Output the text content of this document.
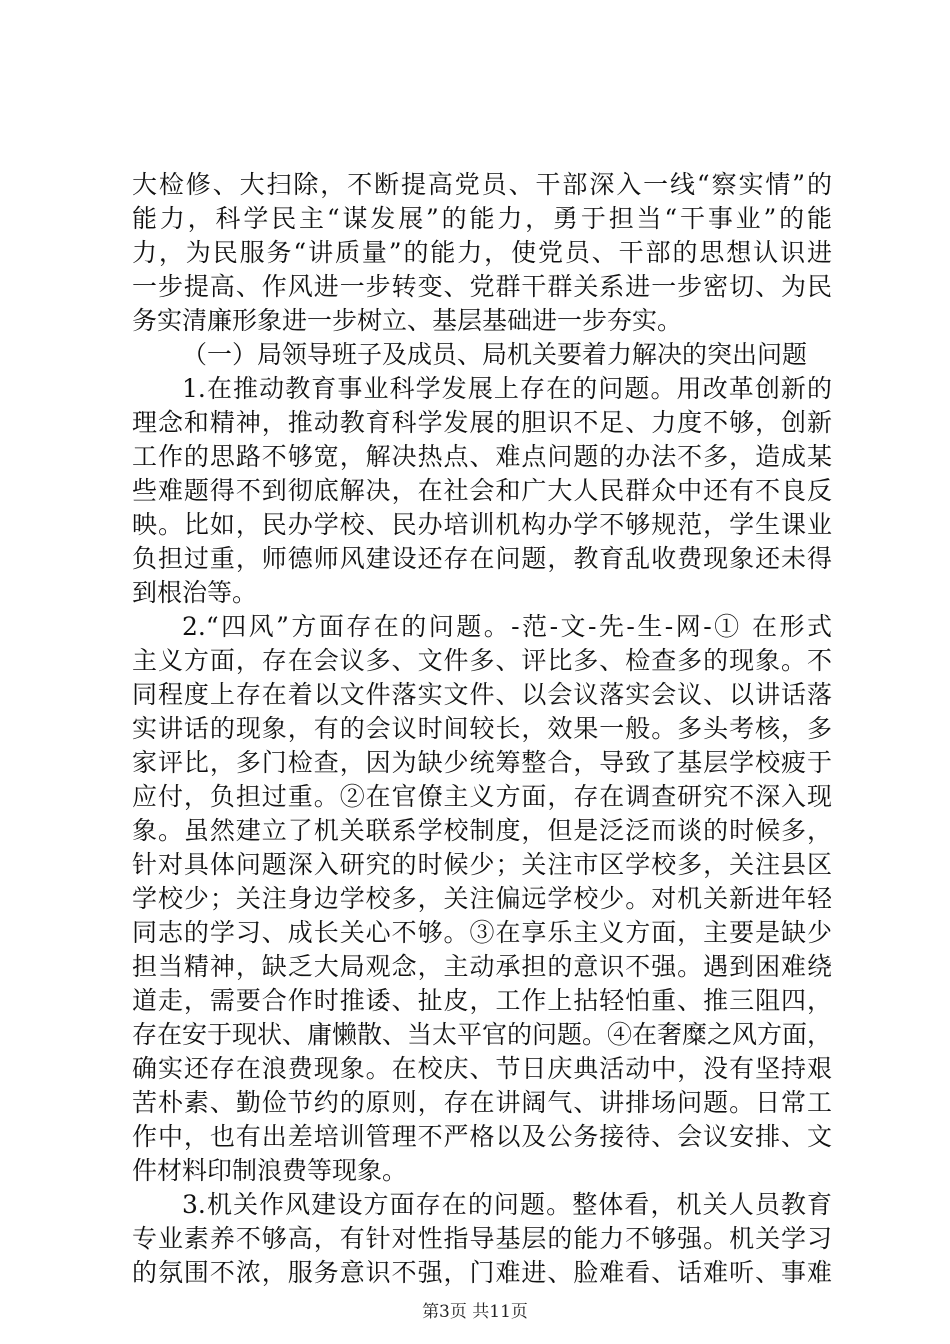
大检修、大扫除，不断提高党员、干部深入一线“察实情”的
能力，科学民主“谋发展”的能力，勇于担当“干事业”的能
力，为民服务“讲质量”的能力，使党员、干部的思想认识进
一步提高、作风进一步转变、党群干群关系进一步密切、为民
务实清廉形象进一步树立、基层基础进一步夯实。
（一）局领导班子及成员、局机关要着力解决的突出问题
1.在推动教育事业科学发展上存在的问题。用改革创新的
理念和精神，推动教育科学发展的胆识不足、力度不够，创新
工作的思路不够宽，解决热点、难点问题的办法不多，造成某
些难题得不到彻底解决，在社会和广大人民群众中还有不良反
映。比如，民办学校、民办培训机构办学不够规范，学生课业
负担过重，师德师风建设还存在问题，教育乱收费现象还未得
到根治等。
2.“四风”方面存在的问题。-范-文-先-生-网-① 在形式
主义方面，存在会议多、文件多、评比多、检查多的现象。不
同程度上存在着以文件落实文件、以会议落实会议、以讲话落
实讲话的现象，有的会议时间较长，效果一般。多头考核，多
家评比，多门检查，因为缺少统筹整合，导致了基层学校疲于
应付，负担过重。②在官僚主义方面，存在调查研究不深入现
象。虽然建立了机关联系学校制度，但是泛泛而谈的时候多，
针对具体问题深入研究的时候少；关注市区学校多，关注县区
学校少；关注身边学校多，关注偏远学校少。对机关新进年轻
同志的学习、成长关心不够。③在享乐主义方面，主要是缺少
担当精神，缺乏大局观念，主动承担的意识不强。遇到困难绕
道走，需要合作时推诿、扯皮，工作上拈轻怕重、推三阻四，
存在安于现状、庸懒散、当太平官的问题。④在奢糜之风方面，
确实还存在浪费现象。在校庆、节日庆典活动中，没有坚持艰
苦朴素、勤俭节约的原则，存在讲阔气、讲排场问题。日常工
作中，也有出差培训管理不严格以及公务接待、会议安排、文
件材料印制浪费等现象。
3.机关作风建设方面存在的问题。整体看，机关人员教育
专业素养不够高，有针对性指导基层的能力不够强。机关学习
的氛围不浓，服务意识不强，门难进、脸难看、话难听、事难
第3页 共11页
